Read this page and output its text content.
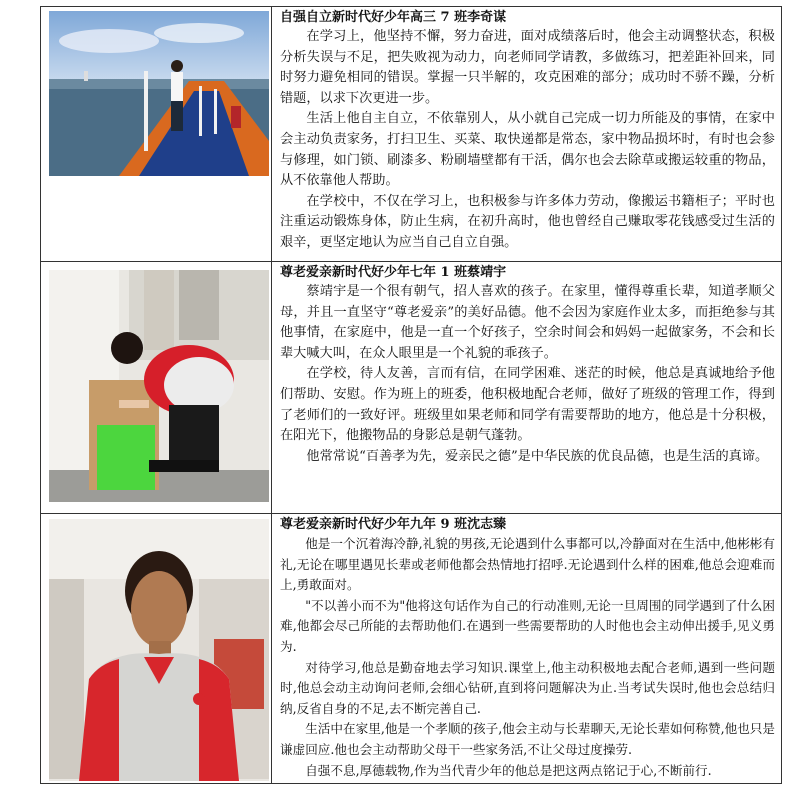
自强自立新时代好少年高三 7 班李奇谋

在学习上，他坚持不懈，努力奋进，面对成绩落后时，他会主动调整状态，积极分析失误与不足，把失败视为动力，向老师同学请教，多做练习，把差距补回来，同时努力避免相同的错误。掌握一只半解的，攻克困难的部分；成功时不骄不躁，分析错题，以求下次更进一步。

生活上他自主自立，不依靠别人，从小就自己完成一切力所能及的事情，在家中会主动负责家务，打扫卫生、买菜、取快递都是常态，家中物品损坏时，有时也会参与修理，如门锁、刷漆多、粉刷墙壁都有干活，偶尔也会去除草或搬运较重的物品，从不依靠他人帮助。

在学校中，不仅在学习上，也积极参与许多体力劳动，像搬运书籍柜子；平时也注重运动锻炼身体，防止生病，在初升高时，他也曾经自己赚取零花钱感受过生活的艰辛，更坚定地认为应当自己自立自强。

尊老爱亲新时代好少年七年 1 班蔡靖宇

蔡靖宇是一个很有朝气，招人喜欢的孩子。在家里，懂得尊重长辈，知道孝顺父母，并且一直坚守“尊老爱亲”的美好品德。他不会因为家庭作业太多，而拒绝参与其他事情，在家庭中，他是一直一个好孩子，空余时间会和妈妈一起做家务，不会和长辈大喊大叫，在众人眼里是一个礼貌的乖孩子。

在学校，待人友善，言而有信，在同学困难、迷茫的时候，他总是真诚地给予他们帮助、安慰。作为班上的班委，他积极地配合老师，做好了班级的管理工作，得到了老师们的一致好评。班级里如果老师和同学有需要帮助的地方，他总是十分积极，在阳光下，他搬物品的身影总是朝气蓬勃。

他常常说“百善孝为先，爱亲民之德”是中华民族的优良品德，也是生活的真谛。

尊老爱亲新时代好少年九年 9 班沈志臻

他是一个沉着海冷静,礼貌的男孩,无论遇到什么事都可以,冷静面对在生活中,他彬彬有礼,无论在哪里遇见长辈或老师他都会热情地打招呼.无论遇到什么样的困难,他总会迎难而上,勇敢面对。

"不以善小而不为"他将这句话作为自己的行动准则,无论一旦周围的同学遇到了什么困难,他都会尽己所能的去帮助他们.在遇到一些需要帮助的人时他也会主动伸出援手,见义勇为.

对待学习,他总是勤奋地去学习知识.课堂上,他主动积极地去配合老师,遇到一些问题时,他总会动主动询问老师,会细心钻研,直到将问题解决为止.当考试失误时,他也会总结归纳,反省自身的不足,去不断完善自己.

生活中在家里,他是一个孝顺的孩子,他会主动与长辈聊天,无论长辈如何称赞,他也只是谦虚回应.他也会主动帮助父母干一些家务活,不让父母过度操劳.

自强不息,厚德载物,作为当代青少年的他总是把这两点铭记于心,不断前行.
